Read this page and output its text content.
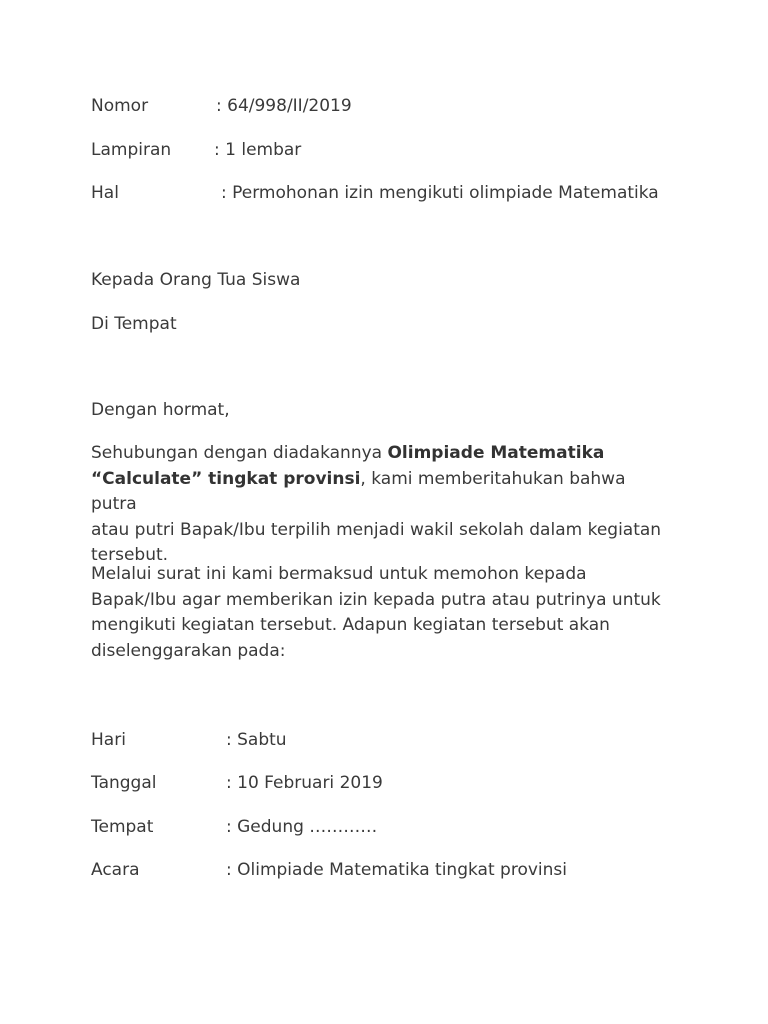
Nomor	: 64/998/II/2019
Lampiran	: 1 lembar
Hal	: Permohonan izin mengikuti olimpiade Matematika
Kepada Orang Tua Siswa
Di Tempat
Dengan hormat,
Sehubungan dengan diadakannya Olimpiade Matematika
“Calculate” tingkat provinsi, kami memberitahukan bahwa putra
atau putri Bapak/Ibu terpilih menjadi wakil sekolah dalam kegiatan
tersebut.
Melalui surat ini kami bermaksud untuk memohon kepada
Bapak/Ibu agar memberikan izin kepada putra atau putrinya untuk
mengikuti kegiatan tersebut. Adapun kegiatan tersebut akan
diselenggarakan pada:
Hari	: Sabtu
Tanggal	: 10 Februari 2019
Tempat	: Gedung …………
Acara	: Olimpiade Matematika tingkat provinsi
